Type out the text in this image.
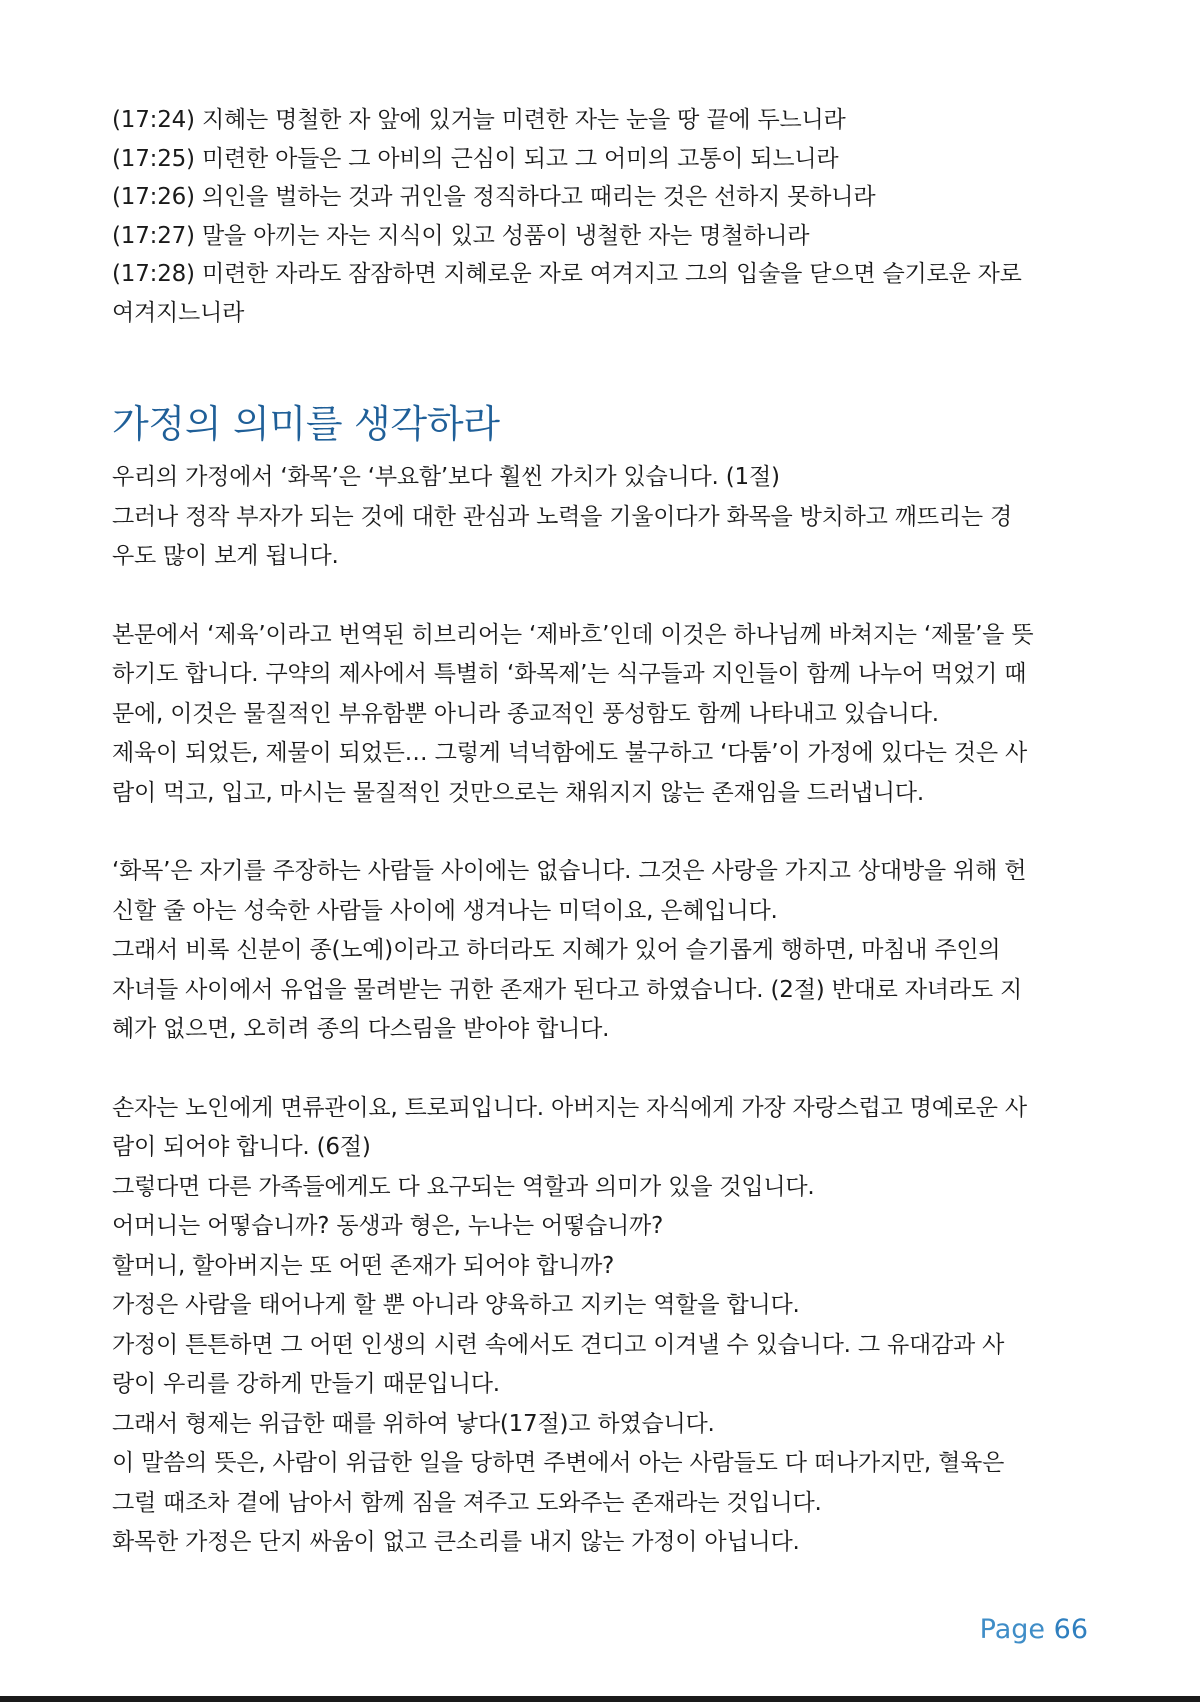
(17:24) 지혜는 명철한 자 앞에 있거늘 미련한 자는 눈을 땅 끝에 두느니라

(17:25) 미련한 아들은 그 아비의 근심이 되고 그 어미의 고통이 되느니라

(17:26) 의인을 벌하는 것과 귀인을 정직하다고 때리는 것은 선하지 못하니라

(17:27) 말을 아끼는 자는 지식이 있고 성품이 냉철한 자는 명철하니라

(17:28) 미련한 자라도 잠잠하면 지혜로운 자로 여겨지고 그의 입술을 닫으면 슬기로운 자로

여겨지느니라

가정의 의미를 생각하라

우리의 가정에서 ‘화목’은 ‘부요함’보다 훨씬 가치가 있습니다. (1절)

그러나 정작 부자가 되는 것에 대한 관심과 노력을 기울이다가 화목을 방치하고 깨뜨리는 경

우도 많이 보게 됩니다.

본문에서 ‘제육’이라고 번역된 히브리어는 ‘제바흐’인데 이것은 하나님께 바쳐지는 ‘제물’을 뜻

하기도 합니다. 구약의 제사에서 특별히 ‘화목제’는 식구들과 지인들이 함께 나누어 먹었기 때

문에, 이것은 물질적인 부유함뿐 아니라 종교적인 풍성함도 함께 나타내고 있습니다.

제육이 되었든, 제물이 되었든… 그렇게 넉넉함에도 불구하고 ‘다툼’이 가정에 있다는 것은 사

람이 먹고, 입고, 마시는 물질적인 것만으로는 채워지지 않는 존재임을 드러냅니다.

‘화목’은 자기를 주장하는 사람들 사이에는 없습니다. 그것은 사랑을 가지고 상대방을 위해 헌

신할 줄 아는 성숙한 사람들 사이에 생겨나는 미덕이요, 은혜입니다.

그래서 비록 신분이 종(노예)이라고 하더라도 지혜가 있어 슬기롭게 행하면, 마침내 주인의

자녀들 사이에서 유업을 물려받는 귀한 존재가 된다고 하였습니다. (2절) 반대로 자녀라도 지

혜가 없으면, 오히려 종의 다스림을 받아야 합니다.

손자는 노인에게 면류관이요, 트로피입니다. 아버지는 자식에게 가장 자랑스럽고 명예로운 사

람이 되어야 합니다. (6절)

그렇다면 다른 가족들에게도 다 요구되는 역할과 의미가 있을 것입니다.

어머니는 어떻습니까? 동생과 형은, 누나는 어떻습니까?

할머니, 할아버지는 또 어떤 존재가 되어야 합니까?

가정은 사람을 태어나게 할 뿐 아니라 양육하고 지키는 역할을 합니다.

가정이 튼튼하면 그 어떤 인생의 시련 속에서도 견디고 이겨낼 수 있습니다. 그 유대감과 사

랑이 우리를 강하게 만들기 때문입니다.

그래서 형제는 위급한 때를 위하여 낳다(17절)고 하였습니다.

이 말씀의 뜻은, 사람이 위급한 일을 당하면 주변에서 아는 사람들도 다 떠나가지만, 혈육은

그럴 때조차 곁에 남아서 함께 짐을 져주고 도와주는 존재라는 것입니다.

화목한 가정은 단지 싸움이 없고 큰소리를 내지 않는 가정이 아닙니다.

Page 66
